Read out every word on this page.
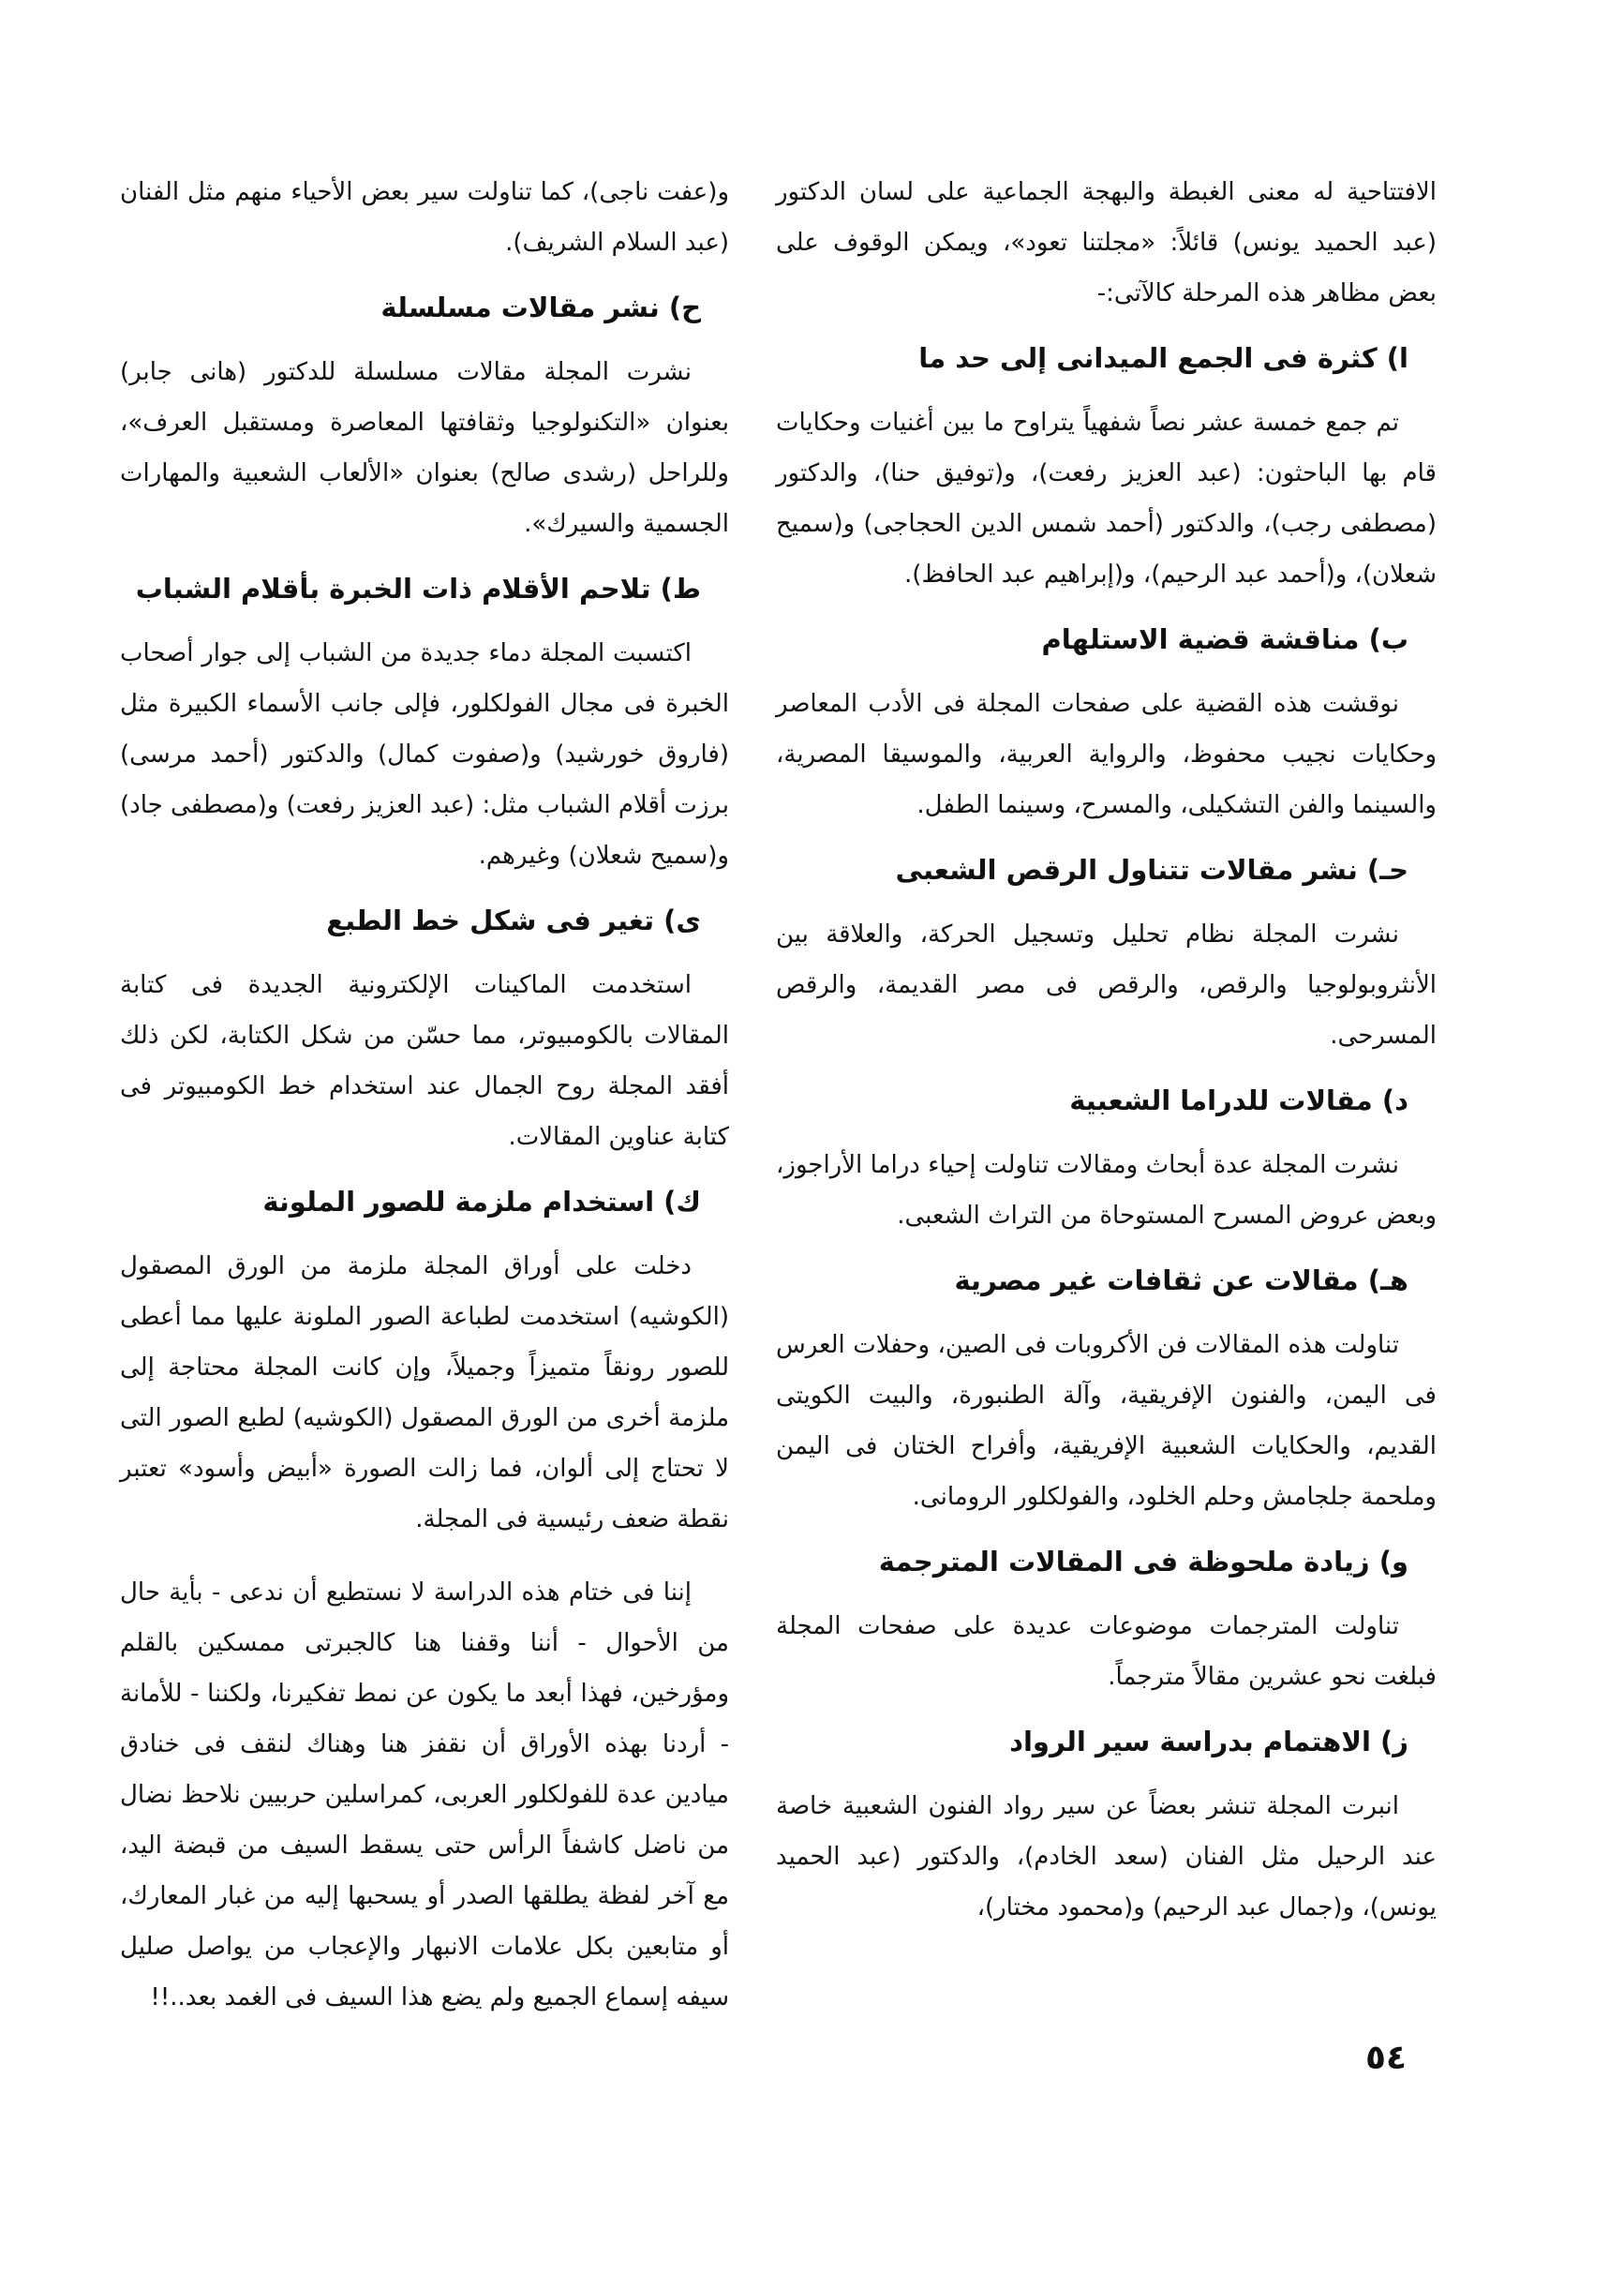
الافتتاحية له معنى الغبطة والبهجة الجماعية على لسان الدكتور (عبد الحميد يونس) قائلاً: «مجلتنا تعود»، ويمكن الوقوف على بعض مظاهر هذه المرحلة كالآتى:-

ا) كثرة فى الجمع الميدانى إلى حد ما

تم جمع خمسة عشر نصاً شفهياً يتراوح ما بين أغنيات وحكايات قام بها الباحثون: (عبد العزيز رفعت)، و(توفيق حنا)، والدكتور (مصطفى رجب)، والدكتور (أحمد شمس الدين الحجاجى) و(سميح شعلان)، و(أحمد عبد الرحيم)، و(إبراهيم عبد الحافظ).

ب) مناقشة قضية الاستلهام

نوقشت هذه القضية على صفحات المجلة فى الأدب المعاصر وحكايات نجيب محفوظ، والرواية العربية، والموسيقا المصرية، والسينما والفن التشكيلى، والمسرح، وسينما الطفل.

حـ) نشر مقالات تتناول الرقص الشعبى

نشرت المجلة نظام تحليل وتسجيل الحركة، والعلاقة بين الأنثروبولوجيا والرقص، والرقص فى مصر القديمة، والرقص المسرحى.

د) مقالات للدراما الشعبية

نشرت المجلة عدة أبحاث ومقالات تناولت إحياء دراما الأراجوز، وبعض عروض المسرح المستوحاة من التراث الشعبى.

هـ) مقالات عن ثقافات غير مصرية

تناولت هذه المقالات فن الأكروبات فى الصين، وحفلات العرس فى اليمن، والفنون الإفريقية، وآلة الطنبورة، والبيت الكويتى القديم، والحكايات الشعبية الإفريقية، وأفراح الختان فى اليمن وملحمة جلجامش وحلم الخلود، والفولكلور الرومانى.

و) زيادة ملحوظة فى المقالات المترجمة

تناولت المترجمات موضوعات عديدة على صفحات المجلة فبلغت نحو عشرين مقالاً مترجماً.

ز) الاهتمام بدراسة سير الرواد

انبرت المجلة تنشر بعضاً عن سير رواد الفنون الشعبية خاصة عند الرحيل مثل الفنان (سعد الخادم)، والدكتور (عبد الحميد يونس)، و(جمال عبد الرحيم) و(محمود مختار)،

و(عفت ناجى)، كما تناولت سير بعض الأحياء منهم مثل الفنان (عبد السلام الشريف).

ح) نشر مقالات مسلسلة

نشرت المجلة مقالات مسلسلة للدكتور (هانى جابر) بعنوان «التكنولوجيا وثقافتها المعاصرة ومستقبل العرف»، وللراحل (رشدى صالح) بعنوان «الألعاب الشعبية والمهارات الجسمية والسيرك».

ط) تلاحم الأقلام ذات الخبرة بأقلام الشباب

اكتسبت المجلة دماء جديدة من الشباب إلى جوار أصحاب الخبرة فى مجال الفولكلور، فإلى جانب الأسماء الكبيرة مثل (فاروق خورشيد) و(صفوت كمال) والدكتور (أحمد مرسى) برزت أقلام الشباب مثل: (عبد العزيز رفعت) و(مصطفى جاد) و(سميح شعلان) وغيرهم.

ى) تغير فى شكل خط الطبع

استخدمت الماكينات الإلكترونية الجديدة فى كتابة المقالات بالكومبيوتر، مما حسّن من شكل الكتابة، لكن ذلك أفقد المجلة روح الجمال عند استخدام خط الكومبيوتر فى كتابة عناوين المقالات.

ك) استخدام ملزمة للصور الملونة

دخلت على أوراق المجلة ملزمة من الورق المصقول (الكوشيه) استخدمت لطباعة الصور الملونة عليها مما أعطى للصور رونقاً متميزاً وجميلاً، وإن كانت المجلة محتاجة إلى ملزمة أخرى من الورق المصقول (الكوشيه) لطبع الصور التى لا تحتاج إلى ألوان، فما زالت الصورة «أبيض وأسود» تعتبر نقطة ضعف رئيسية فى المجلة.

إننا فى ختام هذه الدراسة لا نستطيع أن ندعى - بأية حال من الأحوال - أننا وقفنا هنا كالجبرتى ممسكين بالقلم ومؤرخين، فهذا أبعد ما يكون عن نمط تفكيرنا، ولكننا - للأمانة - أردنا بهذه الأوراق أن نقفز هنا وهناك لنقف فى خنادق ميادين عدة للفولكلور العربى، كمراسلين حربيين نلاحظ نضال من ناضل كاشفاً الرأس حتى يسقط السيف من قبضة اليد، مع آخر لفظة يطلقها الصدر أو يسحبها إليه من غبار المعارك، أو متابعين بكل علامات الانبهار والإعجاب من يواصل صليل سيفه إسماع الجميع ولم يضع هذا السيف فى الغمد بعد..!!

٥٤
